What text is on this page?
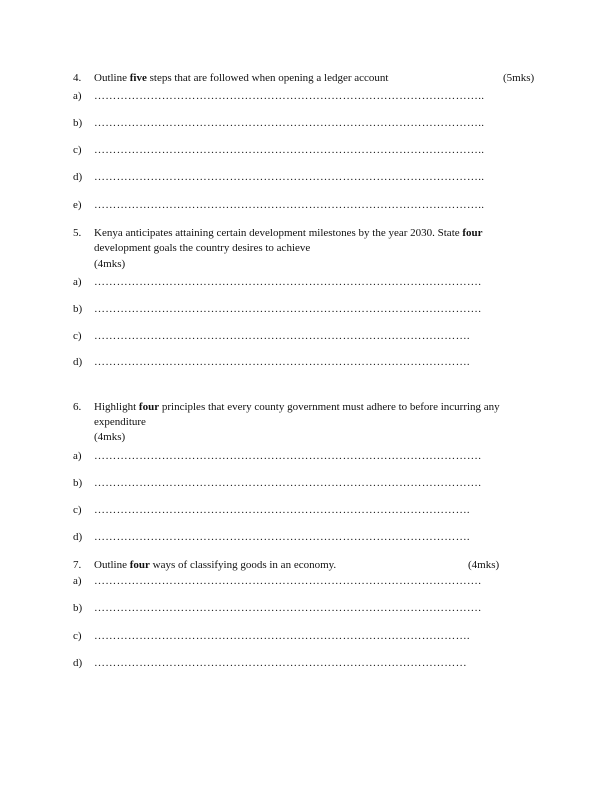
4. Outline five steps that are followed when opening a ledger account	(5mks)
a) …………………………………………………………………………………………..
b) …………………………………………………………………………………………..
c) …………………………………………………………………………………………..
d) …………………………………………………………………………………………..
e) …………………………………………………………………………………………..
5. Kenya anticipates attaining certain development milestones by the year 2030. State four
development goals the country desires to achieve
(4mks)
a) ………………………………………………………………………………………….
b) ………………………………………………………………………………………….
c) ……………………………………………………………………………………….
d) ……………………………………………………………………………………….
6. Highlight four principles that every county government must adhere to before incurring any
expenditure
(4mks)
a) ………………………………………………………………………………………….
b) ………………………………………………………………………………………….
c) ……………………………………………………………………………………….
d) ……………………………………………………………………………………….
7. Outline four ways of classifying goods in an economy.	(4mks)
a) ………………………………………………………………………………………….
b) ………………………………………………………………………………………….
c) ……………………………………………………………………………………….
d) ………………………………………………………………………………………
